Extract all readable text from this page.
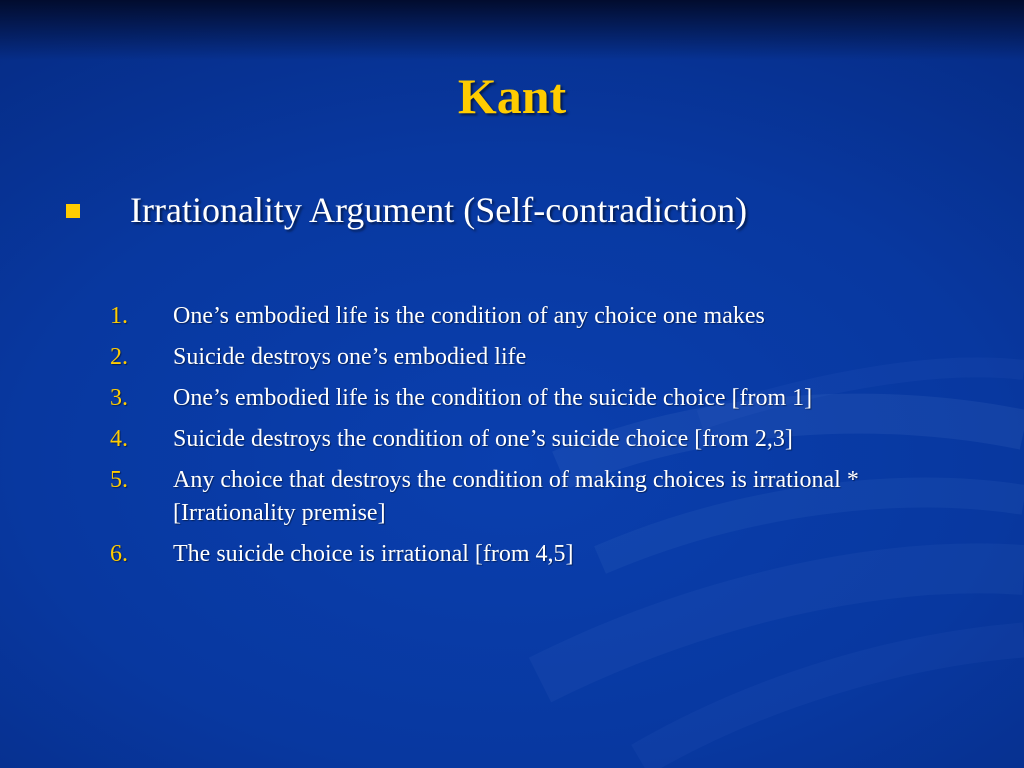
Kant
Irrationality Argument (Self-contradiction)
1. One’s embodied life is the condition of any choice one makes
2. Suicide destroys one’s embodied life
3. One’s embodied life is the condition of the suicide choice [from 1]
4. Suicide destroys the condition of one’s suicide choice [from 2,3]
5. Any choice that destroys the condition of making choices is irrational *[Irrationality premise]
6. The suicide choice is irrational [from 4,5]
